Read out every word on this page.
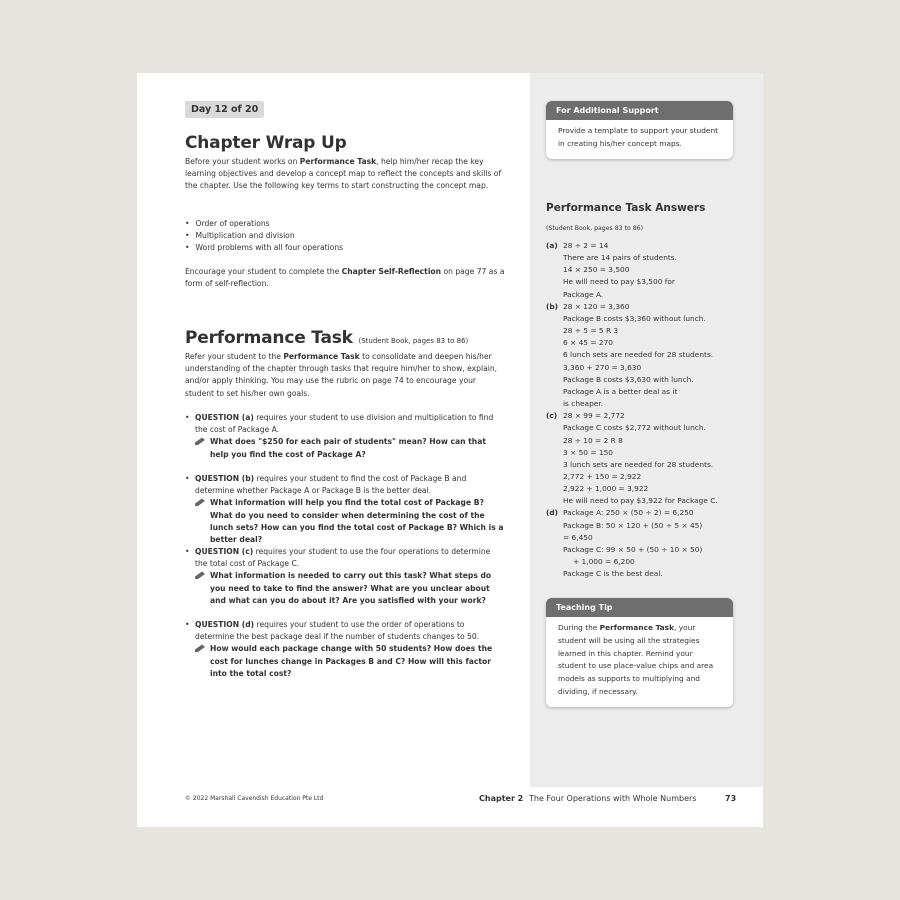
Day 12 of 20
Chapter Wrap Up

Before your student works on Performance Task, help him/her recap the key learning objectives and develop a concept map to reflect the concepts and skills of the chapter. Use the following key terms to start constructing the concept map.

• Order of operations
• Multiplication and division
• Word problems with all four operations

Encourage your student to complete the Chapter Self-Reflection on page 77 as a form of self-reflection.

Performance Task (Student Book, pages 83 to 86)

Refer your student to the Performance Task to consolidate and deepen his/her understanding of the chapter through tasks that require him/her to show, explain, and/or apply thinking. You may use the rubric on page 74 to encourage your student to set his/her own goals.

• QUESTION (a) requires your student to use division and multiplication to find the cost of Package A.
What does "$250 for each pair of students" mean? How can that help you find the cost of Package A?
• QUESTION (b) requires your student to find the cost of Package B and determine whether Package A or Package B is the better deal.
What information will help you find the total cost of Package B? What do you need to consider when determining the cost of the lunch sets? How can you find the total cost of Package B? Which is a better deal?
• QUESTION (c) requires your student to use the four operations to determine the total cost of Package C.
What information is needed to carry out this task? What steps do you need to take to find the answer? What are you unclear about and what can you do about it? Are you satisfied with your work?
• QUESTION (d) requires your student to use the order of operations to determine the best package deal if the number of students changes to 50.
How would each package change with 50 students? How does the cost for lunches change in Packages B and C? How will this factor into the total cost?
© 2022 Marshall Cavendish Education Pte Ltd	Chapter 2 The Four Operations with Whole Numbers	73
For Additional Support
Provide a template to support your student in creating his/her concept maps.
Performance Task Answers
(Student Book, pages 83 to 86)
(a) 28 ÷ 2 = 14
There are 14 pairs of students.
14 × 250 = 3,500
He will need to pay $3,500 for
Package A.
(b) 28 × 120 = 3,360
Package B costs $3,360 without lunch.
28 ÷ 5 = 5 R 3
6 × 45 = 270
6 lunch sets are needed for 28 students.
3,360 + 270 = 3,630
Package B costs $3,630 with lunch.
Package A is a better deal as it
is cheaper.
(c) 28 × 99 = 2,772
Package C costs $2,772 without lunch.
28 ÷ 10 = 2 R 8
3 × 50 = 150
3 lunch sets are needed for 28 students.
2,772 + 150 = 2,922
2,922 + 1,000 = 3,922
He will need to pay $3,922 for Package C.
(d) Package A: 250 × (50 ÷ 2) = 6,250
Package B: 50 × 120 + (50 ÷ 5 × 45)
= 6,450
Package C: 99 × 50 + (50 ÷ 10 × 50)
+ 1,000 = 6,200
Package C is the best deal.
Teaching Tip
During the Performance Task, your student will be using all the strategies learned in this chapter. Remind your student to use place-value chips and area models as supports to multiplying and dividing, if necessary.
